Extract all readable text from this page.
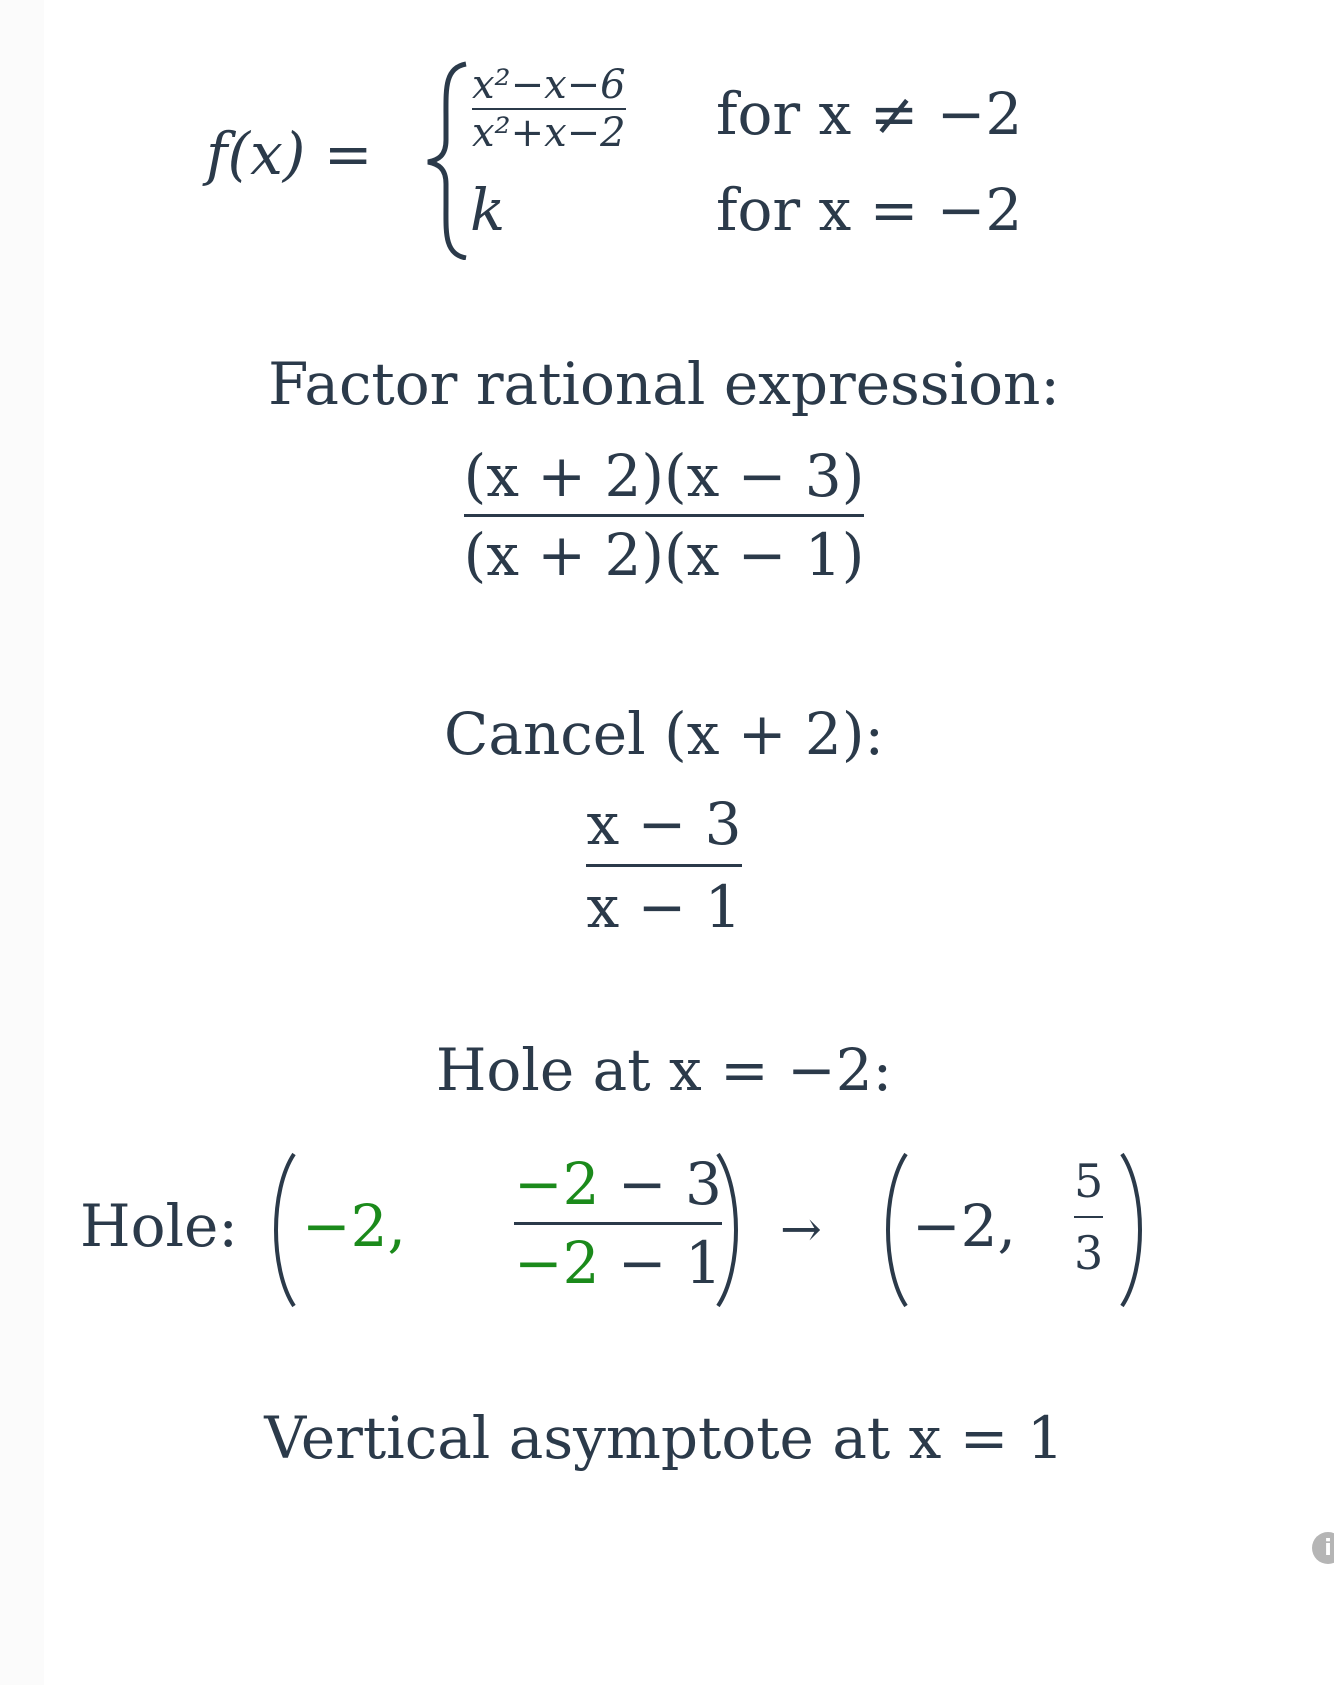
f(x) =
x²−x−6
x²+x−2 for x ≠ −2
k	for x = −2
Factor rational expression:
$\frac{(x + 2)(x - 3)}{(x + 2)(x - 1)}$
Cancel (x + 2):
$\frac{x - 3}{x - 1}$
Hole at x = −2:
Hole: −2,
−2 − 3
−2 − 1 → −2,
5
3
Vertical asymptote at x = 1
i
